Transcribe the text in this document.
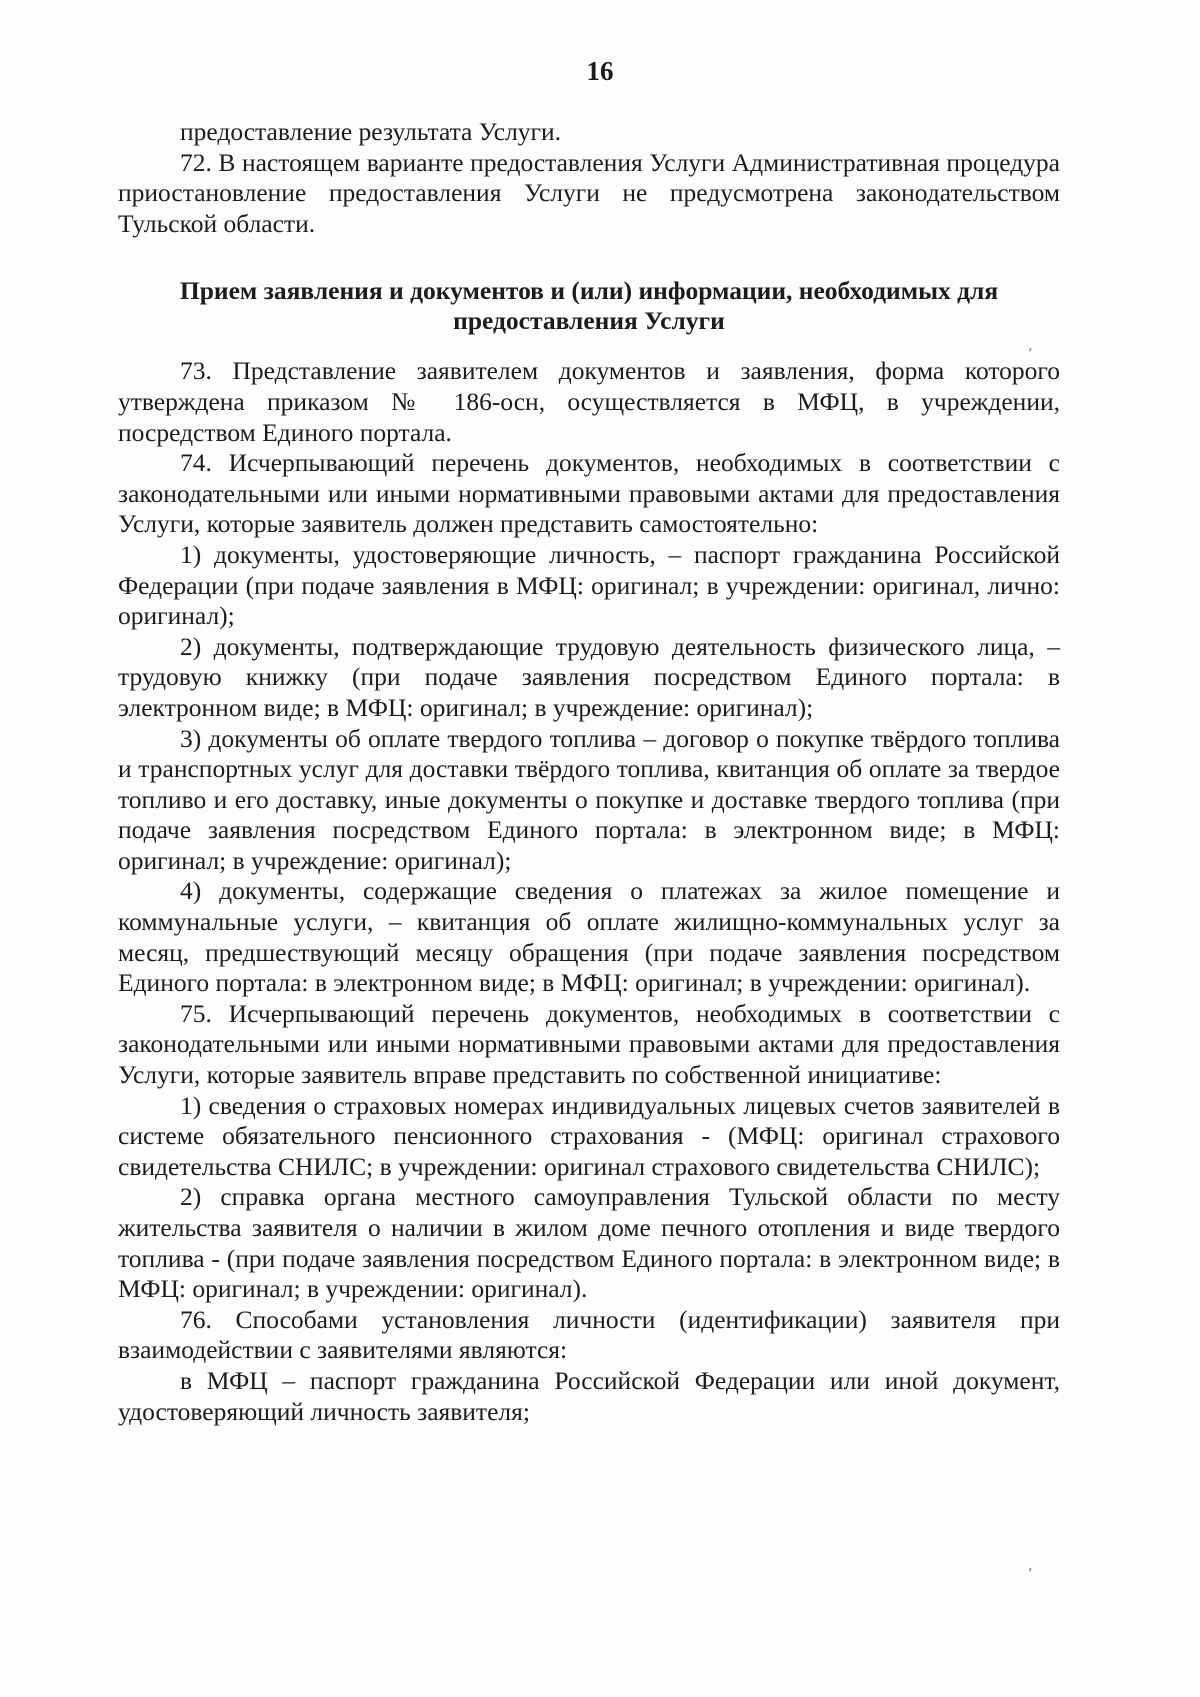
16

предоставление результата Услуги.

72. В настоящем варианте предоставления Услуги Административная процедура приостановление предоставления Услуги не предусмотрена законодательством Тульской области.

Прием заявления и документов и (или) информации, необходимых для предоставления Услуги

73. Представление заявителем документов и заявления, форма которого утверждена приказом № 186-осн, осуществляется в МФЦ, в учреждении, посредством Единого портала.

74. Исчерпывающий перечень документов, необходимых в соответствии с законодательными или иными нормативными правовыми актами для предоставления Услуги, которые заявитель должен представить самостоятельно:

1) документы, удостоверяющие личность, – паспорт гражданина Российской Федерации (при подаче заявления в МФЦ: оригинал; в учреждении: оригинал, лично: оригинал);

2) документы, подтверждающие трудовую деятельность физического лица, – трудовую книжку (при подаче заявления посредством Единого портала: в электронном виде; в МФЦ: оригинал; в учреждение: оригинал);

3) документы об оплате твердого топлива – договор о покупке твёрдого топлива и транспортных услуг для доставки твёрдого топлива, квитанция об оплате за твердое топливо и его доставку, иные документы о покупке и доставке твердого топлива (при подаче заявления посредством Единого портала: в электронном виде; в МФЦ: оригинал; в учреждение: оригинал);

4) документы, содержащие сведения о платежах за жилое помещение и коммунальные услуги, – квитанция об оплате жилищно-коммунальных услуг за месяц, предшествующий месяцу обращения (при подаче заявления посредством Единого портала: в электронном виде; в МФЦ: оригинал; в учреждении: оригинал).

75. Исчерпывающий перечень документов, необходимых в соответствии с законодательными или иными нормативными правовыми актами для предоставления Услуги, которые заявитель вправе представить по собственной инициативе:

1) сведения о страховых номерах индивидуальных лицевых счетов заявителей в системе обязательного пенсионного страхования - (МФЦ: оригинал страхового свидетельства СНИЛС; в учреждении: оригинал страхового свидетельства СНИЛС);

2) справка органа местного самоуправления Тульской области по месту жительства заявителя о наличии в жилом доме печного отопления и виде твердого топлива - (при подаче заявления посредством Единого портала: в электронном виде; в МФЦ: оригинал; в учреждении: оригинал).

76. Способами установления личности (идентификации) заявителя при взаимодействии с заявителями являются:

в МФЦ – паспорт гражданина Российской Федерации или иной документ, удостоверяющий личность заявителя;

‚
‚
